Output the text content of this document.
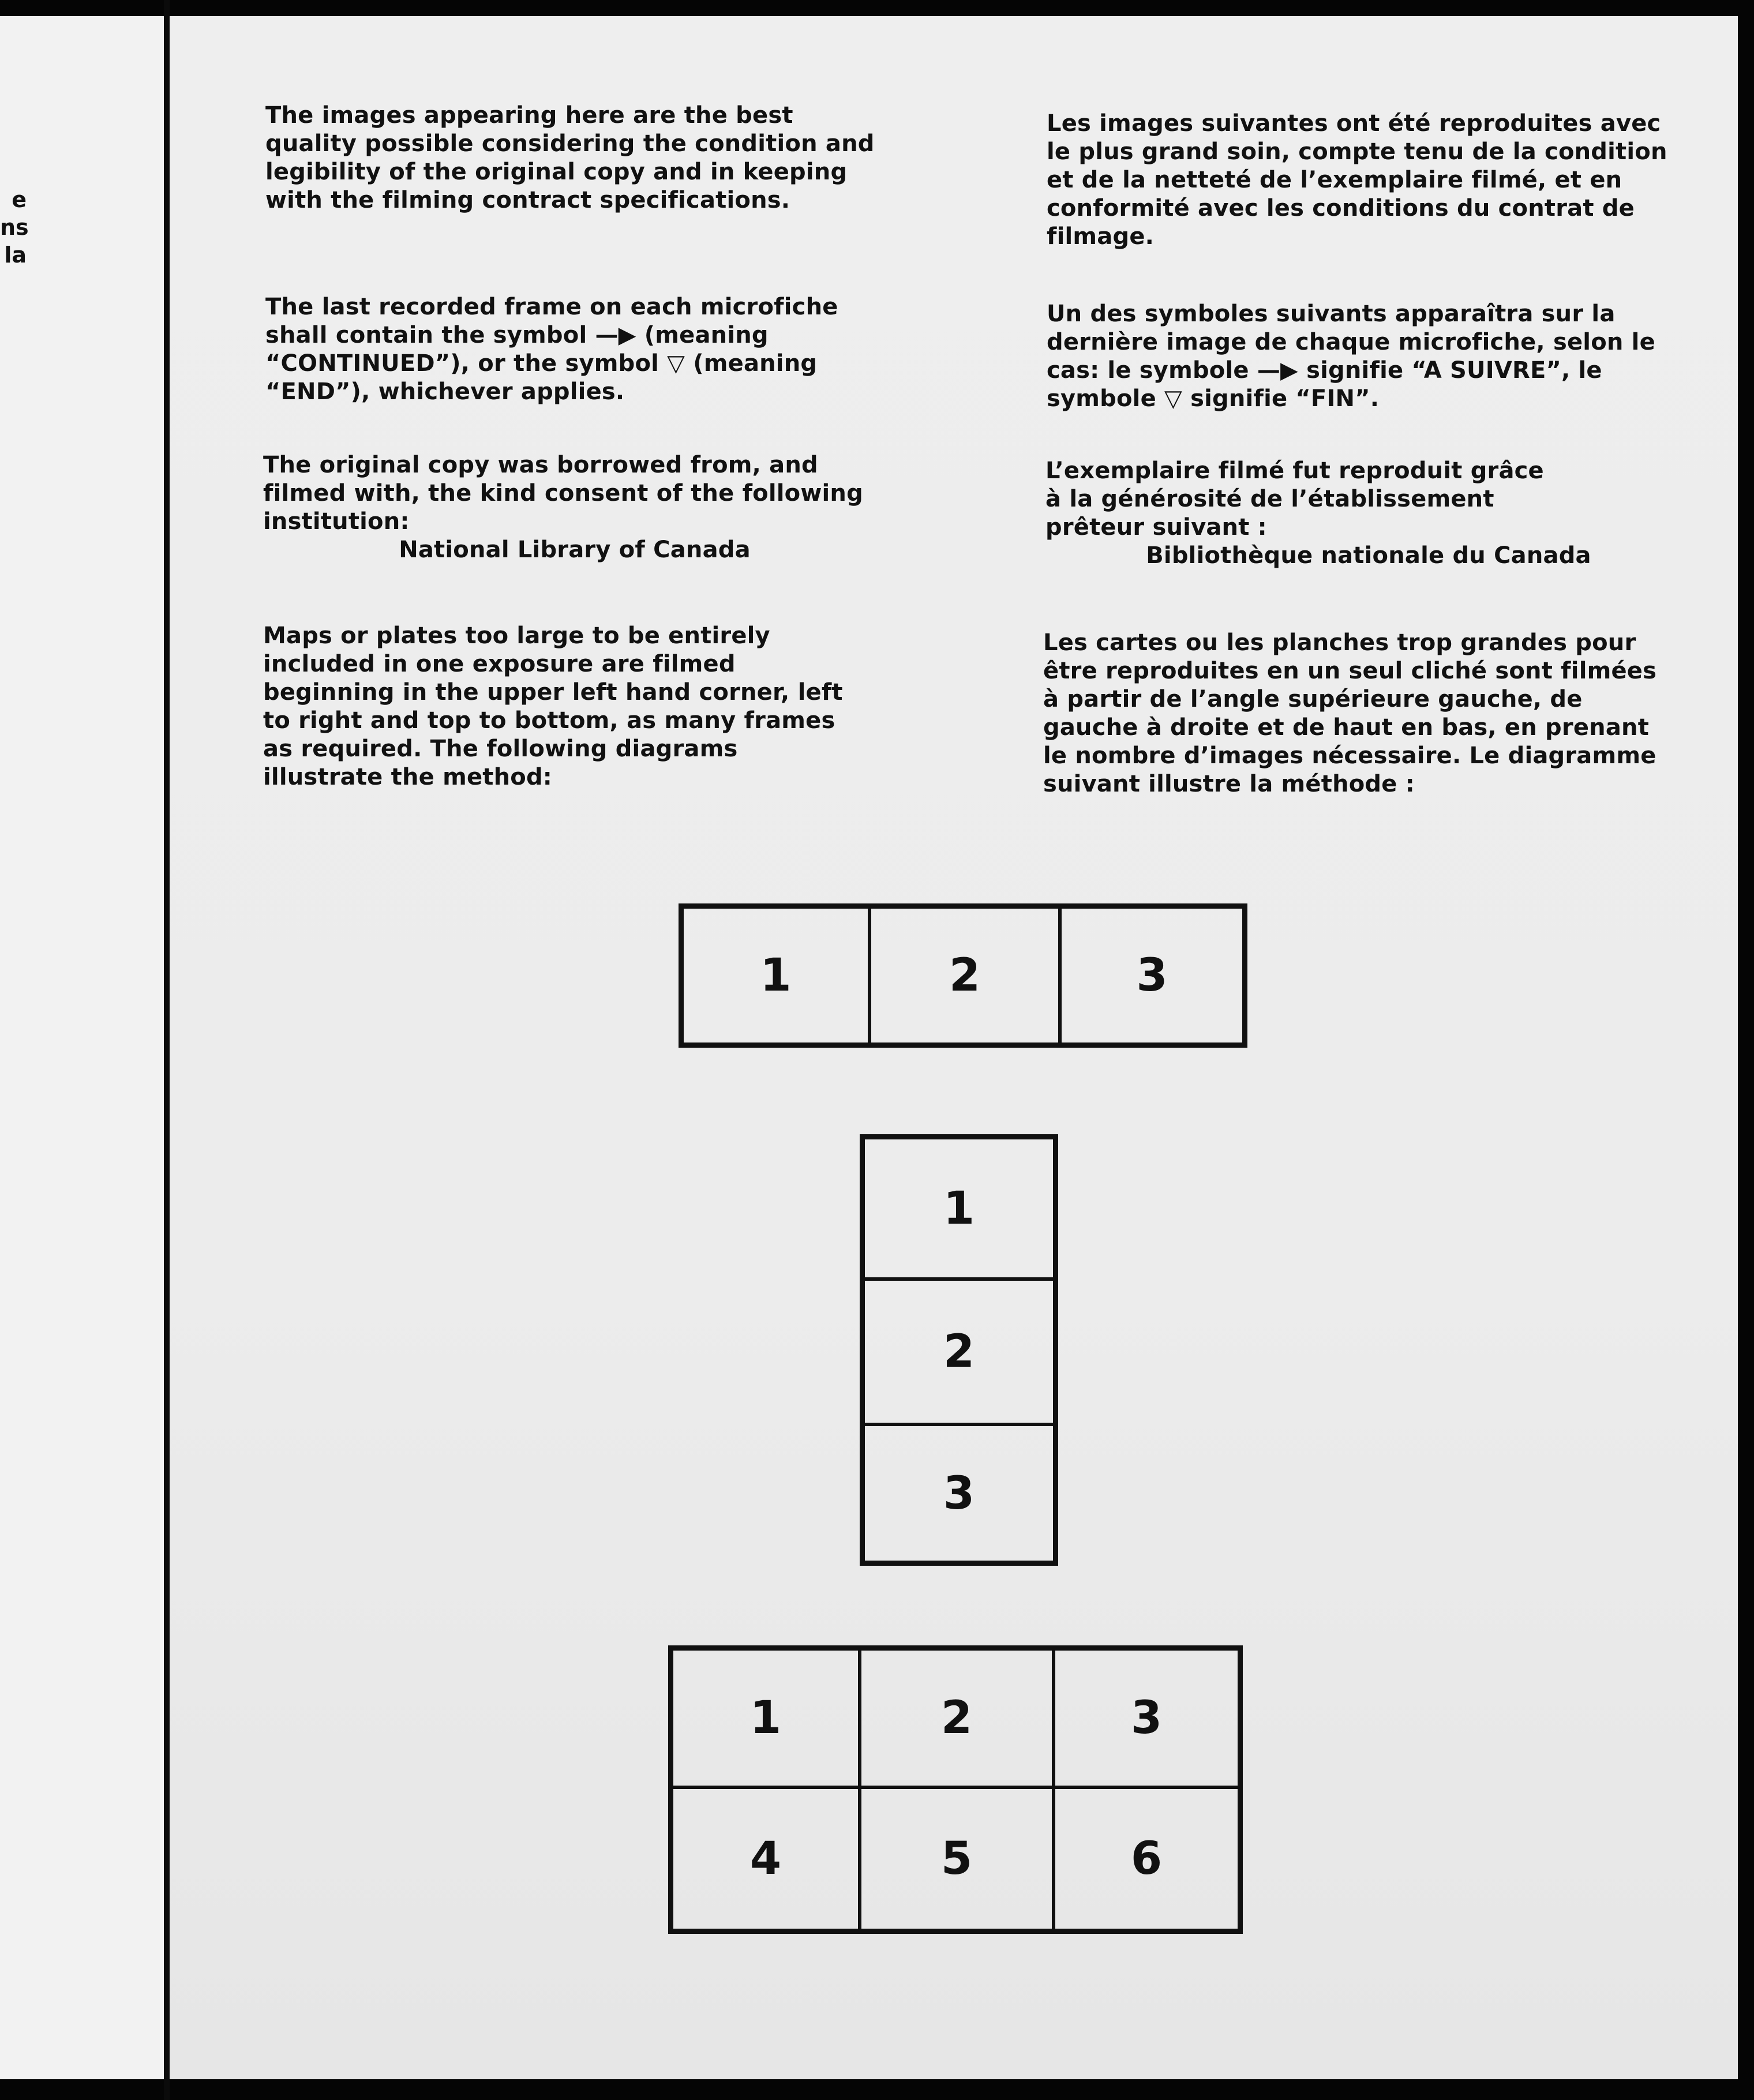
e
ns
la

The images appearing here are the best quality possible considering the condition and legibility of the original copy and in keeping with the filming contract specifications.

Les images suivantes ont été reproduites avec le plus grand soin, compte tenu de la condition et de la netteté de l’exemplaire filmé, et en conformité avec les conditions du contrat de filmage.

The last recorded frame on each microfiche shall contain the symbol —▶ (meaning “CONTINUED”), or the symbol ▽ (meaning “END”), whichever applies.

Un des symboles suivants apparaîtra sur la dernière image de chaque microfiche, selon le cas: le symbole —▶ signifie “A SUIVRE”, le symbole ▽ signifie “FIN”.

The original copy was borrowed from, and filmed with, the kind consent of the following institution:

National Library of Canada

L’exemplaire filmé fut reproduit grâce à la générosité de l’établissement prêteur suivant :

Bibliothèque nationale du Canada

Maps or plates too large to be entirely included in one exposure are filmed beginning in the upper left hand corner, left to right and top to bottom, as many frames as required. The following diagrams illustrate the method:

Les cartes ou les planches trop grandes pour être reproduites en un seul cliché sont filmées à partir de l’angle supérieure gauche, de gauche à droite et de haut en bas, en prenant le nombre d’images nécessaire. Le diagramme suivant illustre la méthode :

1	2	3
1
2
3
1	2	3
4	5	6
